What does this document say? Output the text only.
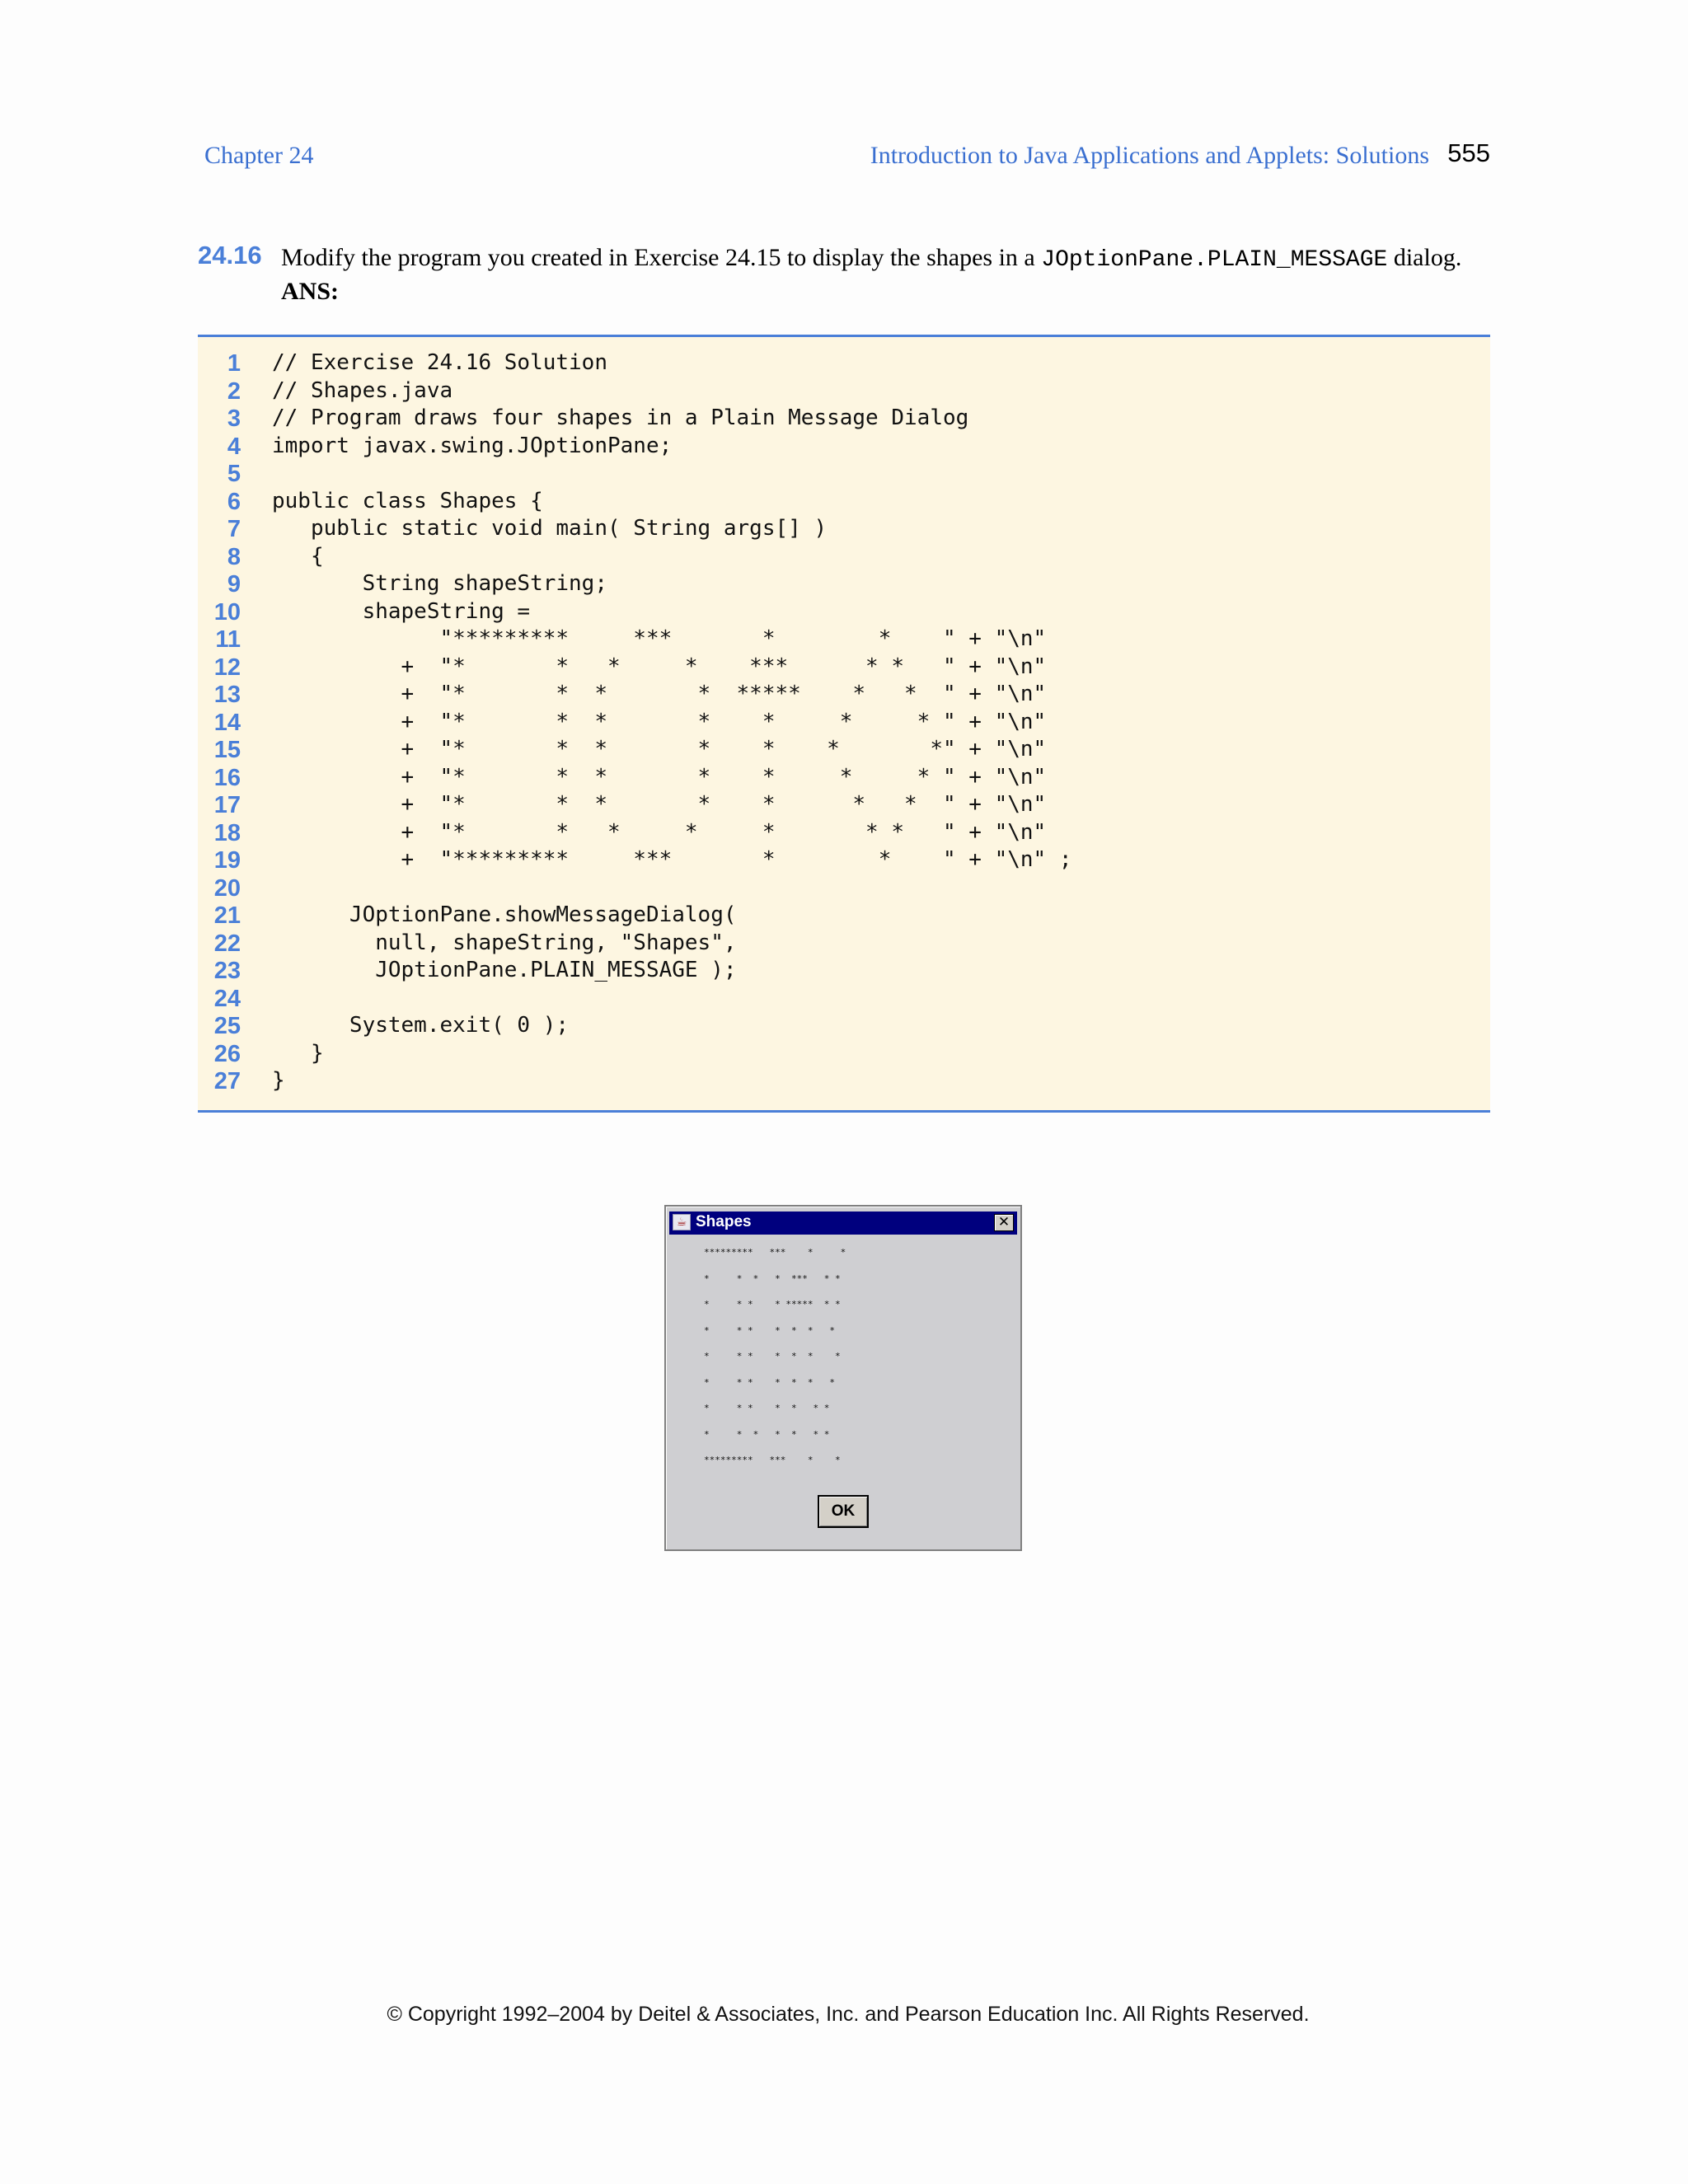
Chapter 24	Introduction to Java Applications and Applets: Solutions 555
24.16 Modify the program you created in Exercise 24.15 to display the shapes in a JOptionPane.PLAIN_MESSAGE dialog.
ANS:
1 // Exercise 24.16 Solution
2 // Shapes.java
3 // Program draws four shapes in a Plain Message Dialog
4 import javax.swing.JOptionPane;
5
6 public class Shapes {
7 public static void main( String args[] )
8 {
9 String shapeString;
10 shapeString =
11 "*********     ***       *        *    " + "\n"
12 +  "*       *   *     *    ***      * *   " + "\n"
13 +  "*       *  *       *  *****    *   *  " + "\n"
14 +  "*       *  *       *    *     *     * " + "\n"
15 +  "*       *  *       *    *    *       *" + "\n"
16 +  "*       *  *       *    *     *     * " + "\n"
17 +  "*       *  *       *    *      *   *  " + "\n"
18 +  "*       *   *     *     *       * *   " + "\n"
19 +  "*********     ***       *        *    " + "\n" ;
20
21 JOptionPane.showMessageDialog(
22 null, shapeString, "Shapes",
23 JOptionPane.PLAIN_MESSAGE );
24
25 System.exit( 0 );
26 }
27 }
☕ Shapes	✕
*********   ***    *     *
*     *  *   *  ***   * *
*     * *    * *****  * *
*     * *    *  *  *   *
*     * *    *  *  *    *
*     * *    *  *  *   *
*     * *    *  *   * *
*     *  *   *  *   * *
*********   ***    *    *
OK
© Copyright 1992–2004 by Deitel & Associates, Inc. and Pearson Education Inc. All Rights Reserved.
